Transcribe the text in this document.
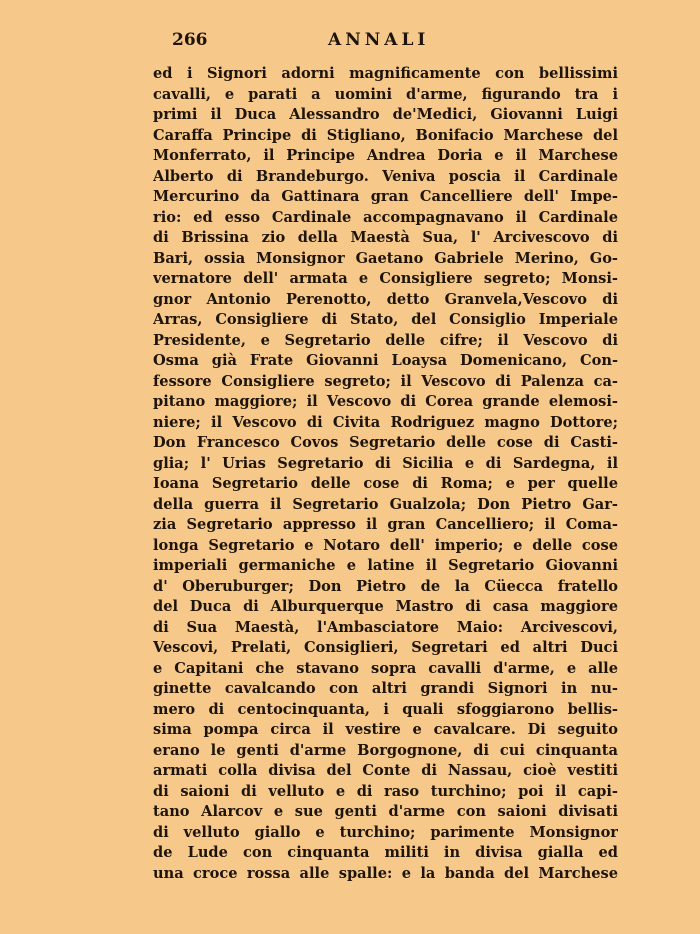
266	ANNALI
ed i Signori adorni magnificamente con bellissimi
cavalli, e parati a uomini d'arme, figurando tra i
primi il Duca Alessandro de'Medici, Giovanni Luigi
Caraffa Principe di Stigliano, Bonifacio Marchese del
Monferrato, il Principe Andrea Doria e il Marchese
Alberto di Brandeburgo. Veniva poscia il Cardinale
Mercurino da Gattinara gran Cancelliere dell' Impe-
rio: ed esso Cardinale accompagnavano il Cardinale
di Brissina zio della Maestà Sua, l' Arcivescovo di
Bari, ossia Monsignor Gaetano Gabriele Merino, Go-
vernatore dell' armata e Consigliere segreto; Monsi-
gnor Antonio Perenotto, detto Granvela,Vescovo di
Arras, Consigliere di Stato, del Consiglio Imperiale
Presidente, e Segretario delle cifre; il Vescovo di
Osma già Frate Giovanni Loaysa Domenicano, Con-
fessore Consigliere segreto; il Vescovo di Palenza ca-
pitano maggiore; il Vescovo di Corea grande elemosi-
niere; il Vescovo di Civita Rodriguez magno Dottore;
Don Francesco Covos Segretario delle cose di Casti-
glia; l' Urias Segretario di Sicilia e di Sardegna, il
Ioana Segretario delle cose di Roma; e per quelle
della guerra il Segretario Gualzola; Don Pietro Gar-
zia Segretario appresso il gran Cancelliero; il Coma-
longa Segretario e Notaro dell' imperio; e delle cose
imperiali germaniche e latine il Segretario Giovanni
d' Oberuburger; Don Pietro de la Cüecca fratello
del Duca di Alburquerque Mastro di casa maggiore
di Sua Maestà, l'Ambasciatore Maio: Arcivescovi,
Vescovi, Prelati, Consiglieri, Segretari ed altri Duci
e Capitani che stavano sopra cavalli d'arme, e alle
ginette cavalcando con altri grandi Signori in nu-
mero di centocinquanta, i quali sfoggiarono bellis-
sima pompa circa il vestire e cavalcare. Di seguito
erano le genti d'arme Borgognone, di cui cinquanta
armati colla divisa del Conte di Nassau, cioè vestiti
di saioni di velluto e di raso turchino; poi il capi-
tano Alarcov e sue genti d'arme con saioni divisati
di velluto giallo e turchino; parimente Monsignor
de Lude con cinquanta militi in divisa gialla ed
una croce rossa alle spalle: e la banda del Marchese
